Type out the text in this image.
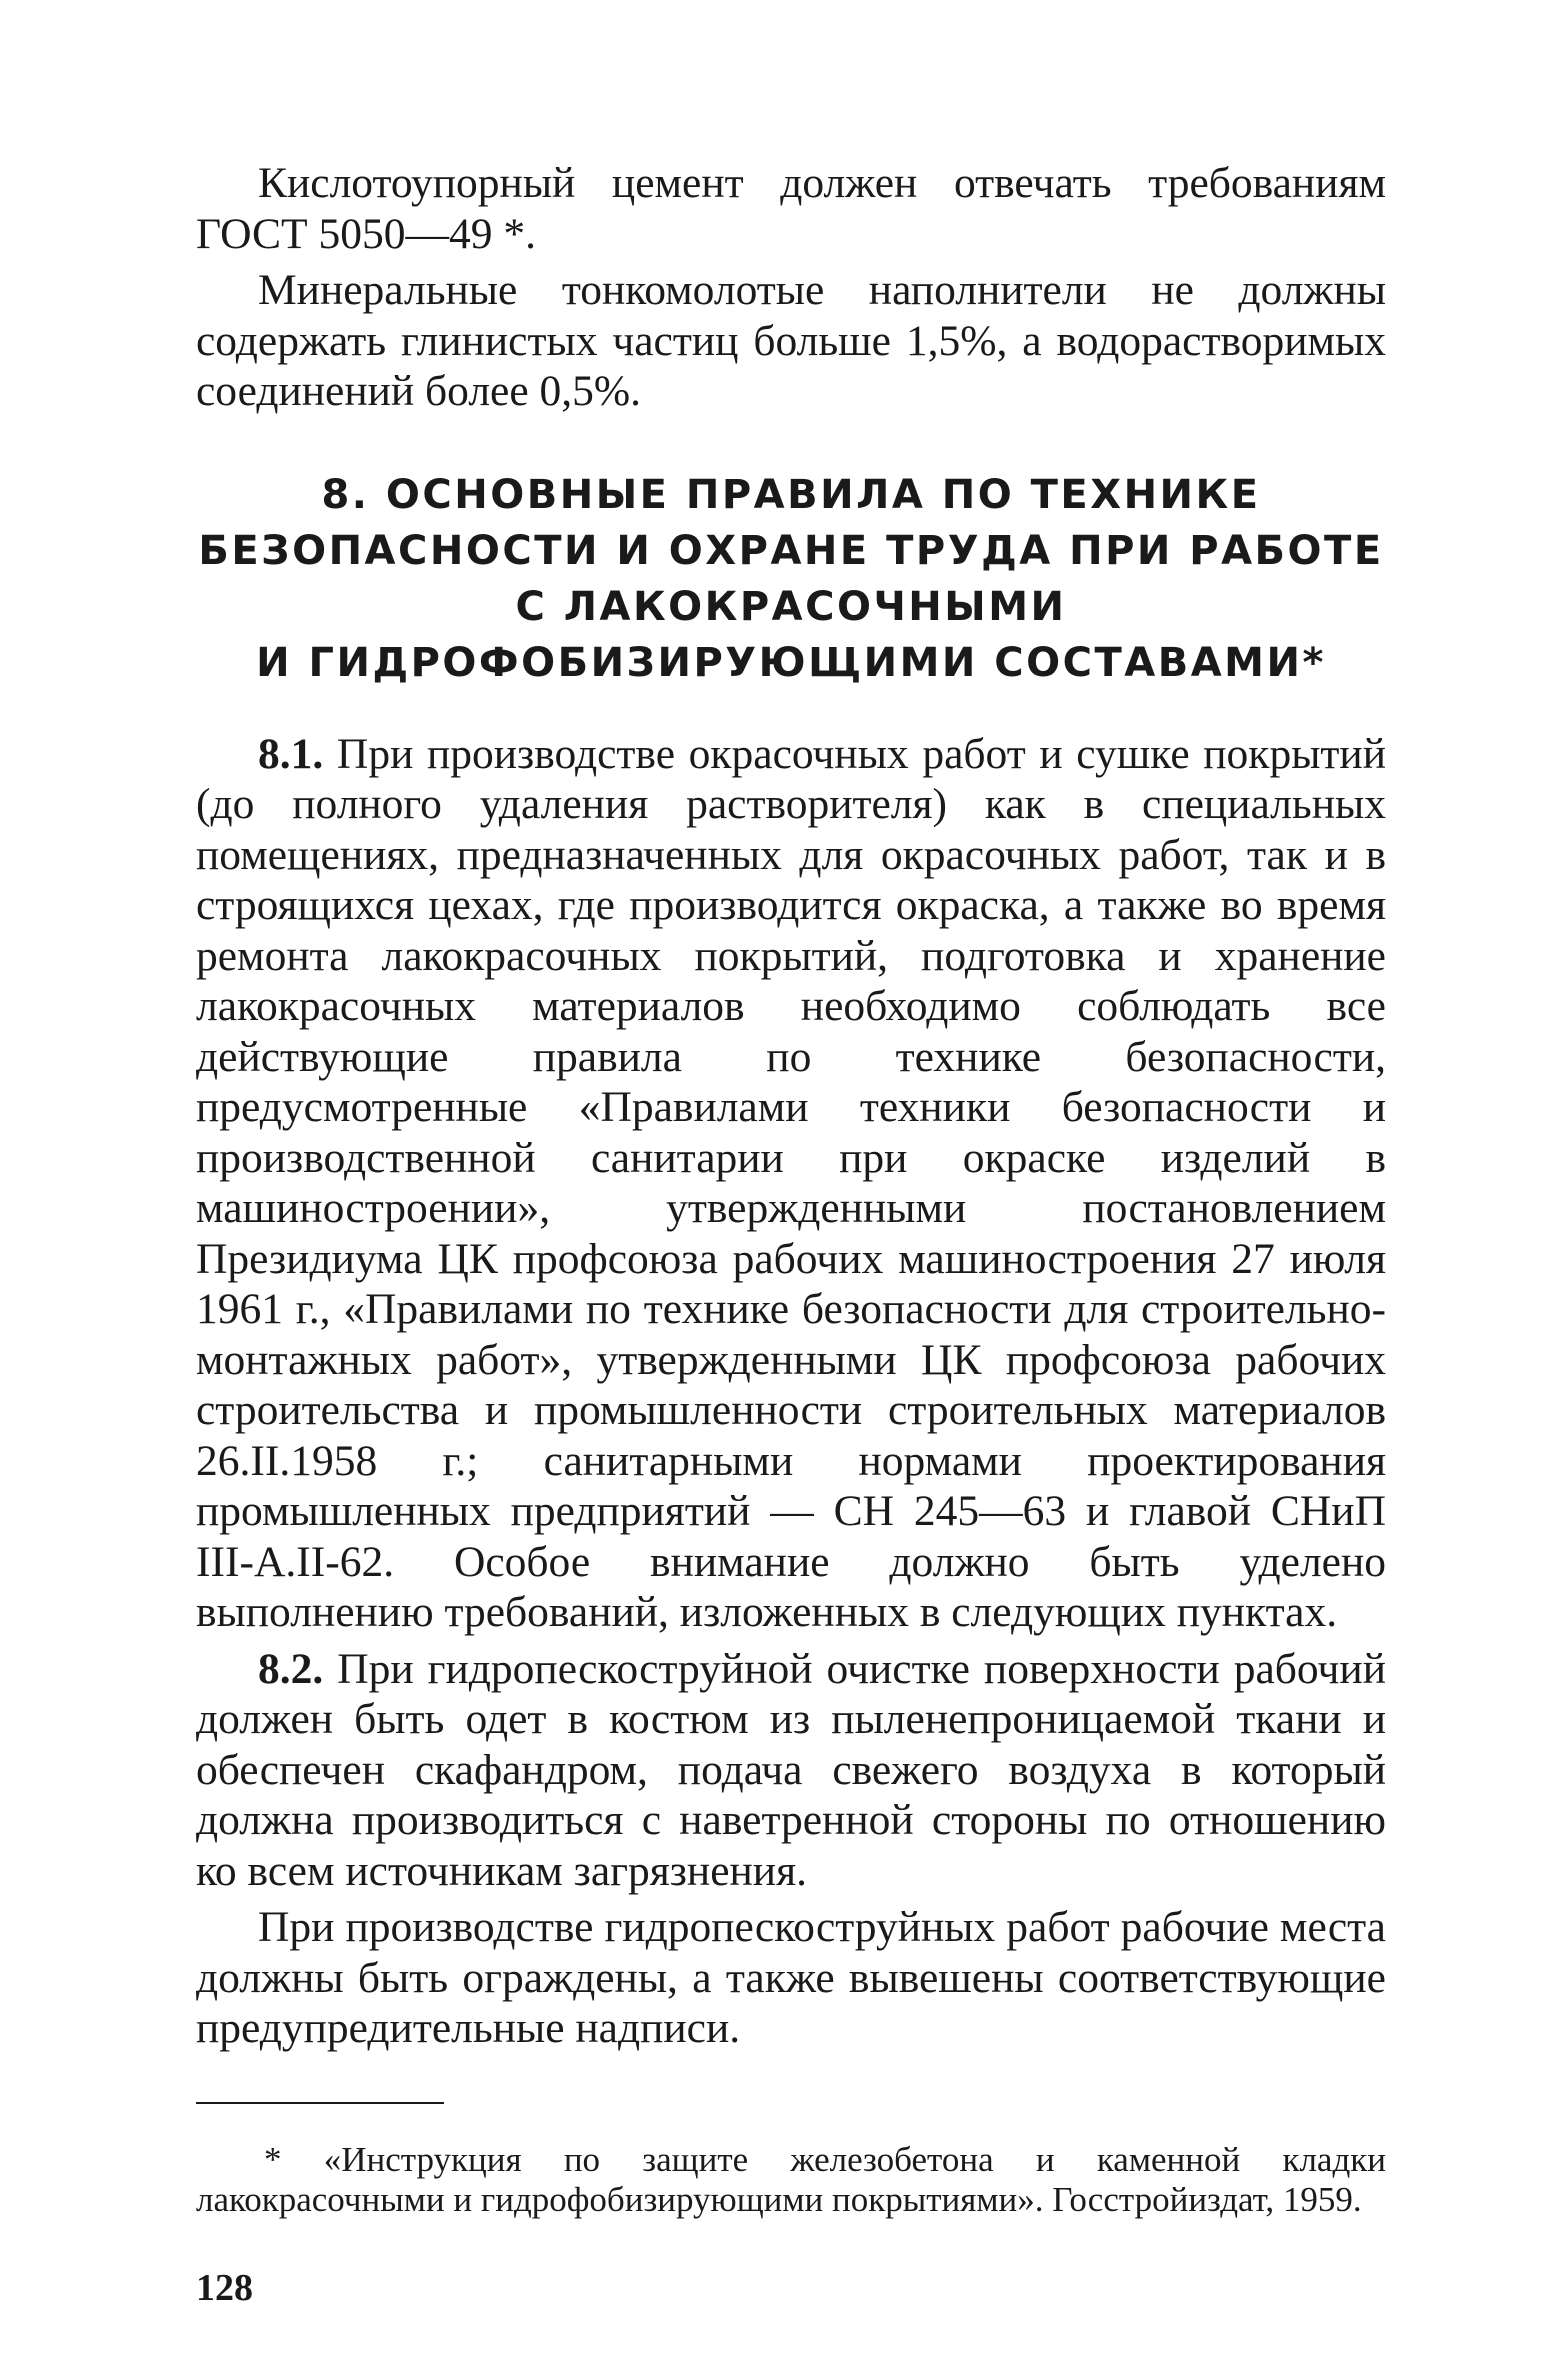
Кислотоупорный цемент должен отвечать требованиям ГОСТ 5050—49 *.

Минеральные тонкомолотые наполнители не должны содержать глинистых частиц больше 1,5%, а водорастворимых соединений более 0,5%.

8. ОСНОВНЫЕ ПРАВИЛА ПО ТЕХНИКЕ
БЕЗОПАСНОСТИ И ОХРАНЕ ТРУДА ПРИ РАБОТЕ
С ЛАКОКРАСОЧНЫМИ
И ГИДРОФОБИЗИРУЮЩИМИ СОСТАВАМИ*

8.1. При производстве окрасочных работ и сушке покрытий (до полного удаления растворителя) как в специальных помещениях, предназначенных для окрасочных работ, так и в строящихся цехах, где производится окраска, а также во время ремонта лакокрасочных покрытий, подготовка и хранение лакокрасочных материалов необходимо соблюдать все действующие правила по технике безопасности, предусмотренные «Правилами техники безопасности и производственной санитарии при окраске изделий в машиностроении», утвержденными постановлением Президиума ЦК профсоюза рабочих машиностроения 27 июля 1961 г., «Правилами по технике безопасности для строительно-монтажных работ», утвержденными ЦК профсоюза рабочих строительства и промышленности строительных материалов 26.II.1958 г.; санитарными нормами проектирования промышленных предприятий — СН 245—63 и главой СНиП III-А.II-62. Особое внимание должно быть уделено выполнению требований, изложенных в следующих пунктах.

8.2. При гидропескоструйной очистке поверхности рабочий должен быть одет в костюм из пыленепроницаемой ткани и обеспечен скафандром, подача свежего воздуха в который должна производиться с наветренной стороны по отношению ко всем источникам загрязнения.

При производстве гидропескоструйных работ рабочие места должны быть ограждены, а также вывешены соответствующие предупредительные надписи.

* «Инструкция по защите железобетона и каменной кладки лакокрасочными и гидрофобизирующими покрытиями». Госстройиздат, 1959.

128
